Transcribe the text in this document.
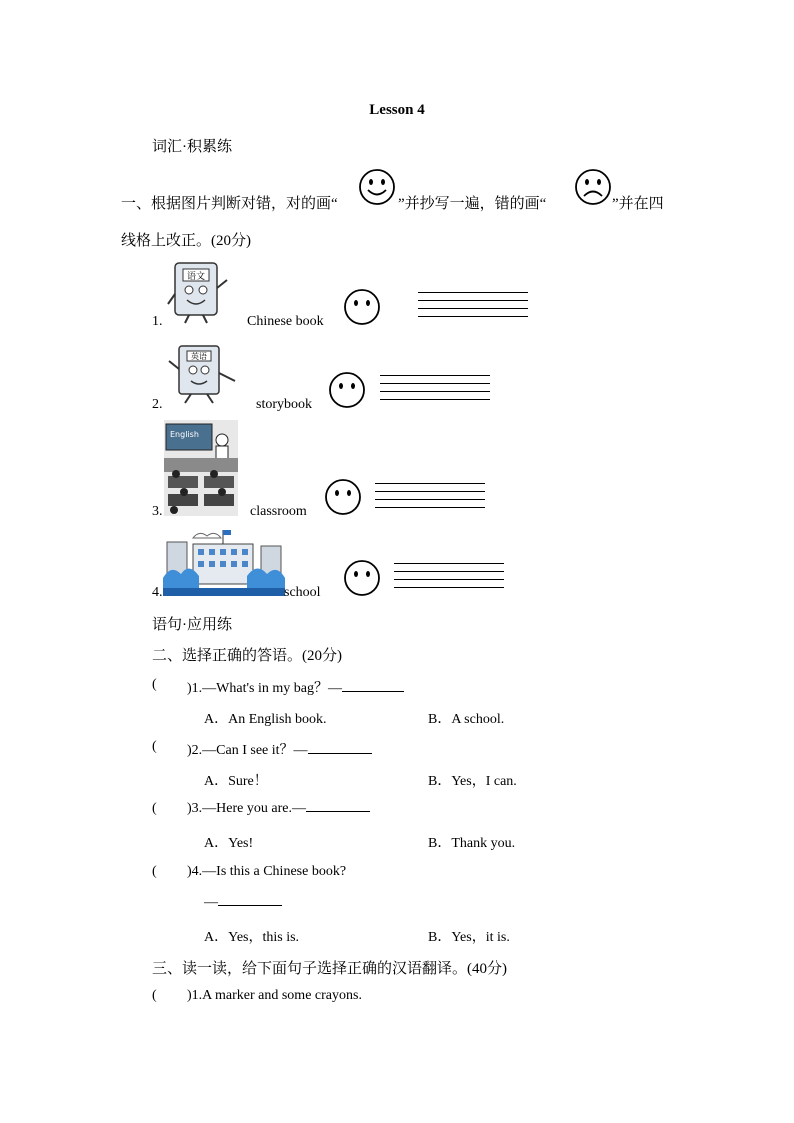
Lesson 4
词汇·积累练
一、根据图片判断对错，对的画“	”并抄写一遍，错的画“	”并在四
线格上改正。(20分)
1.
语文
Chinese book
2.
英语
storybook
3.
English
classroom
4.	school
语句·应用练
二、选择正确的答语。(20分)
( )1.—What's in my bag？—
A．An English book.	B．A school.
( )2.—Can I see it？—
A．Sure！	B．Yes，I can.
( )3.—Here you are.—
A．Yes!	B．Thank you.
( )4.—Is this a Chinese book?
—
A．Yes，this is.	B．Yes，it is.
三、读一读，给下面句子选择正确的汉语翻译。(40分)
( )1.A marker and some crayons.
